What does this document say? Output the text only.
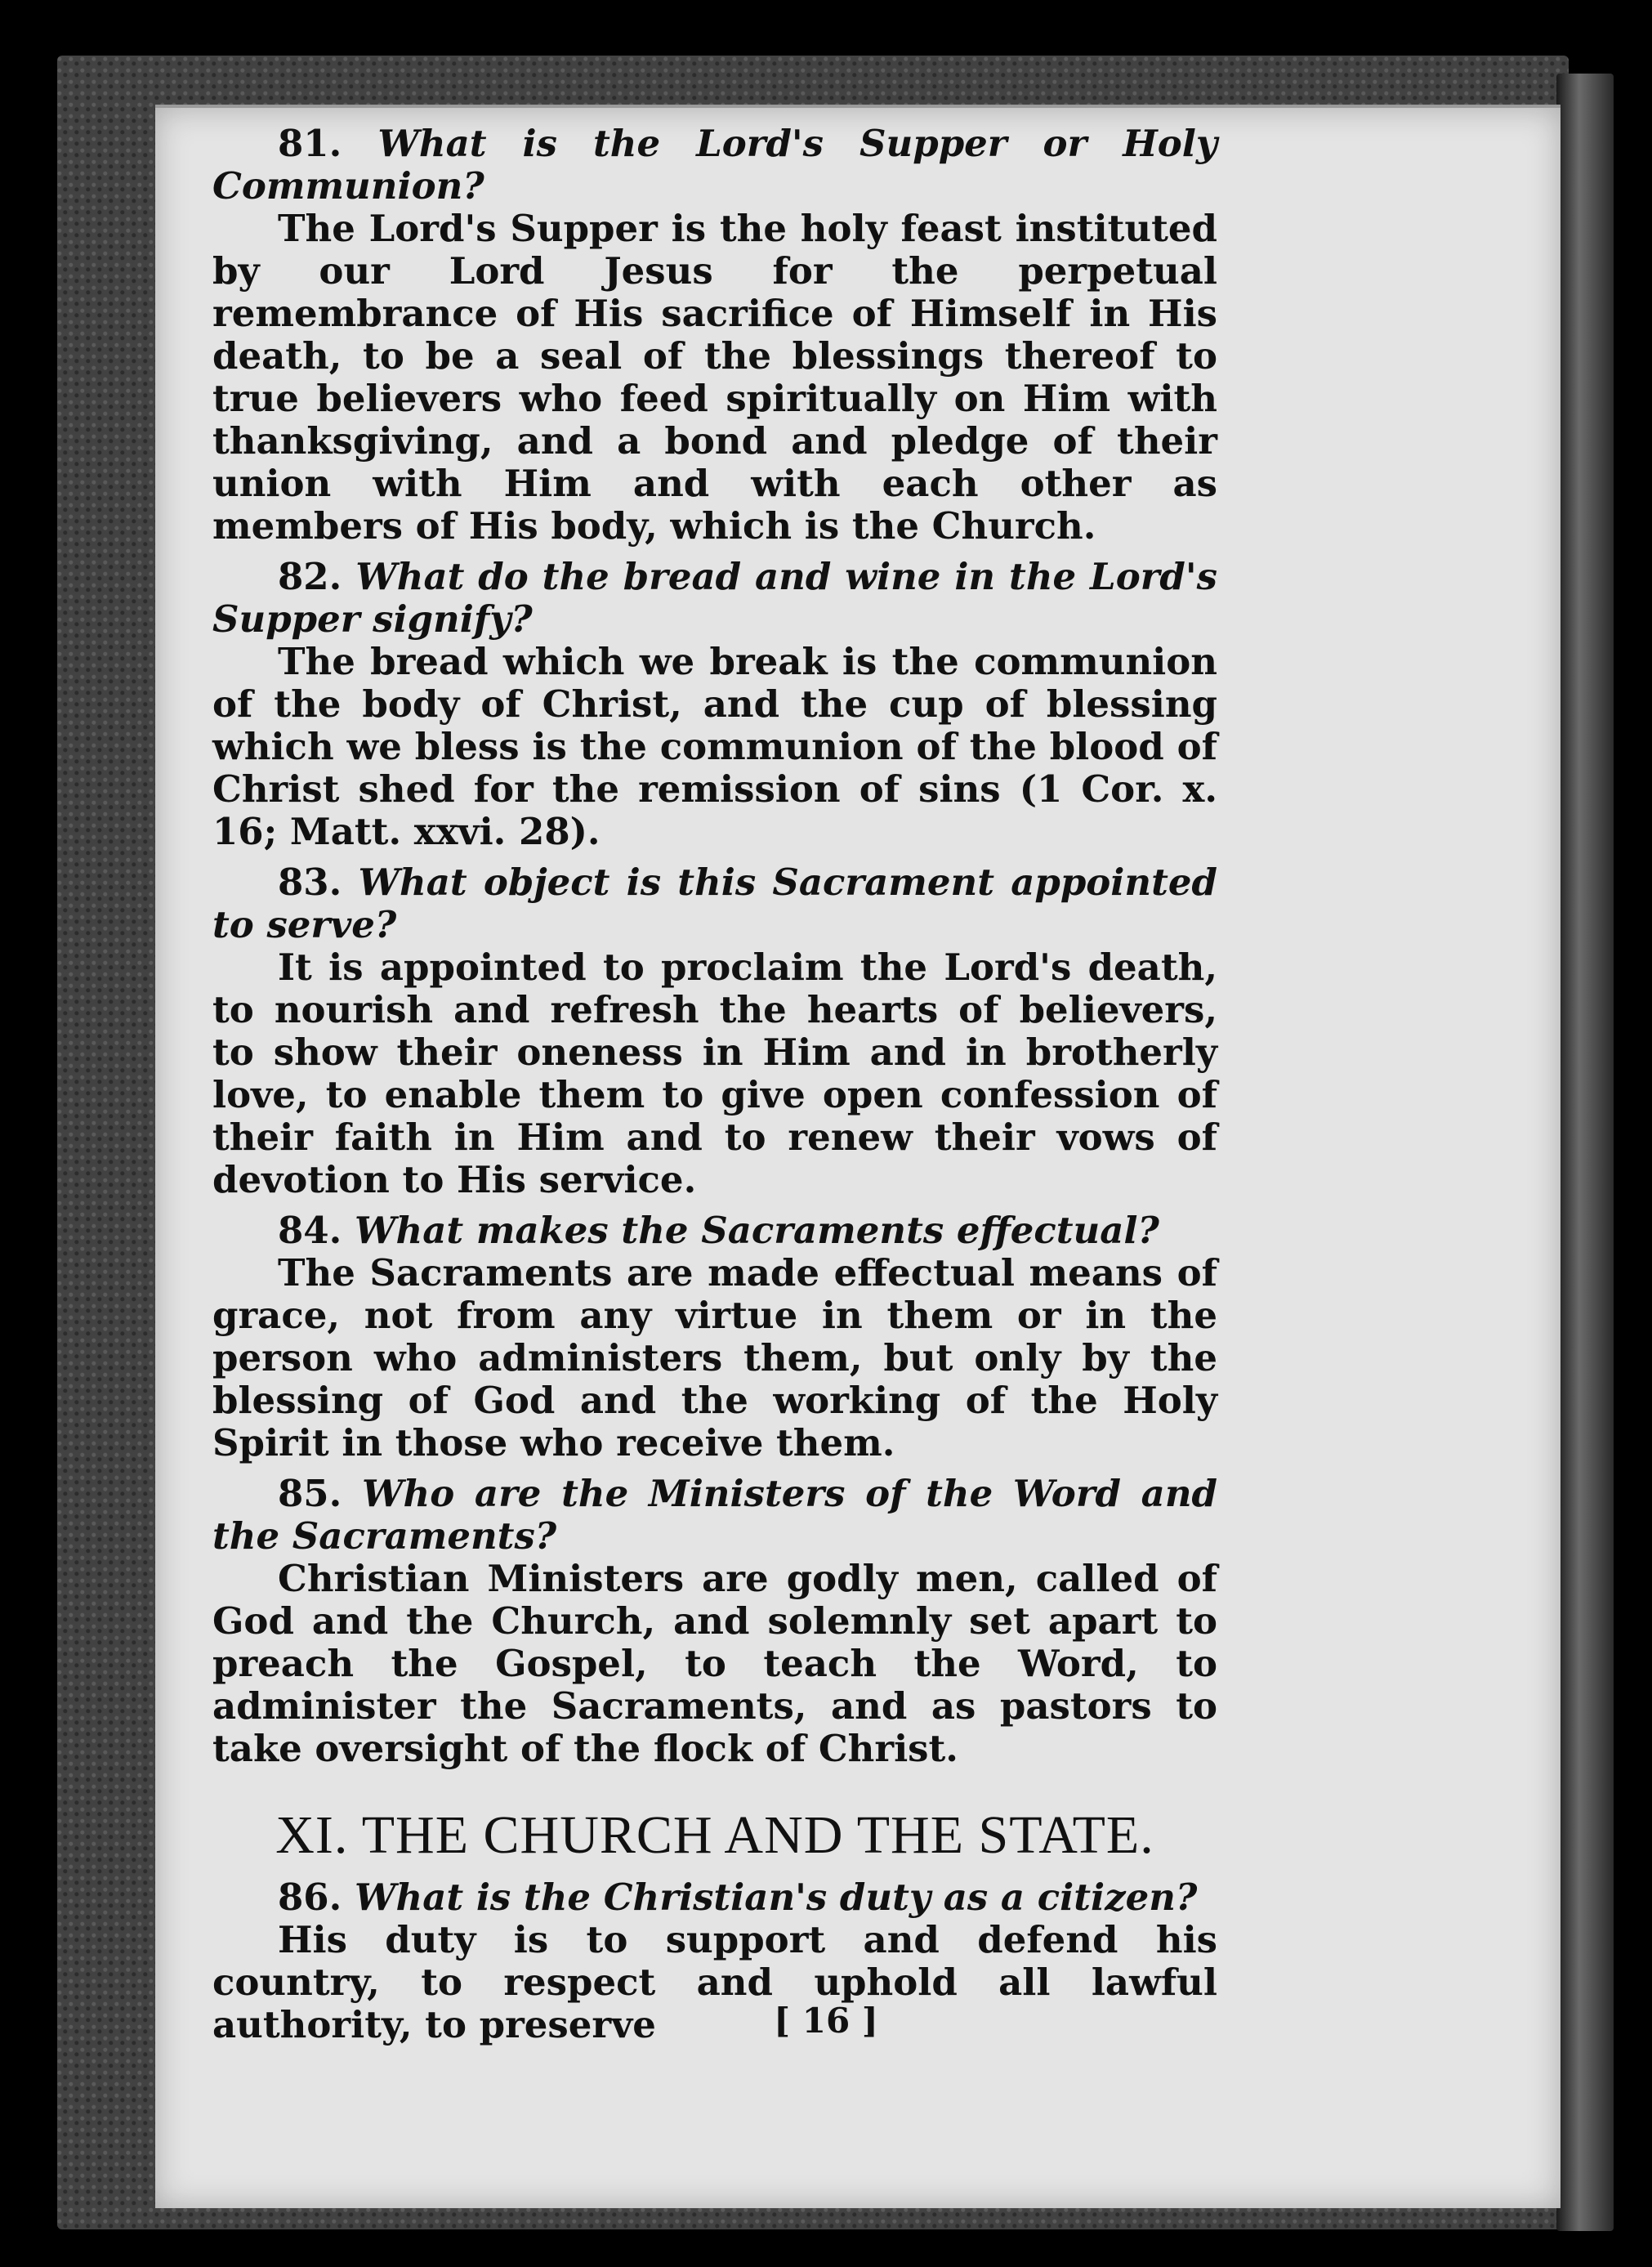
81. What is the Lord's Supper or Holy Communion?

The Lord's Supper is the holy feast instituted by our Lord Jesus for the perpetual remembrance of His sacrifice of Himself in His death, to be a seal of the blessings thereof to true believers who feed spiritually on Him with thanksgiving, and a bond and pledge of their union with Him and with each other as members of His body, which is the Church.

82. What do the bread and wine in the Lord's Supper signify?

The bread which we break is the communion of the body of Christ, and the cup of blessing which we bless is the communion of the blood of Christ shed for the remission of sins (1 Cor. x. 16; Matt. xxvi. 28).

83. What object is this Sacrament appointed to serve?

It is appointed to proclaim the Lord's death, to nourish and refresh the hearts of believers, to show their oneness in Him and in brotherly love, to enable them to give open confession of their faith in Him and to renew their vows of devotion to His service.

84. What makes the Sacraments effectual?

The Sacraments are made effectual means of grace, not from any virtue in them or in the person who administers them, but only by the blessing of God and the working of the Holy Spirit in those who receive them.

85. Who are the Ministers of the Word and the Sacraments?

Christian Ministers are godly men, called of God and the Church, and solemnly set apart to preach the Gospel, to teach the Word, to administer the Sacraments, and as pastors to take oversight of the flock of Christ.

XI. THE CHURCH AND THE STATE.

86. What is the Christian's duty as a citizen?

His duty is to support and defend his country, to respect and uphold all lawful authority, to preserve	[ 16 ]
